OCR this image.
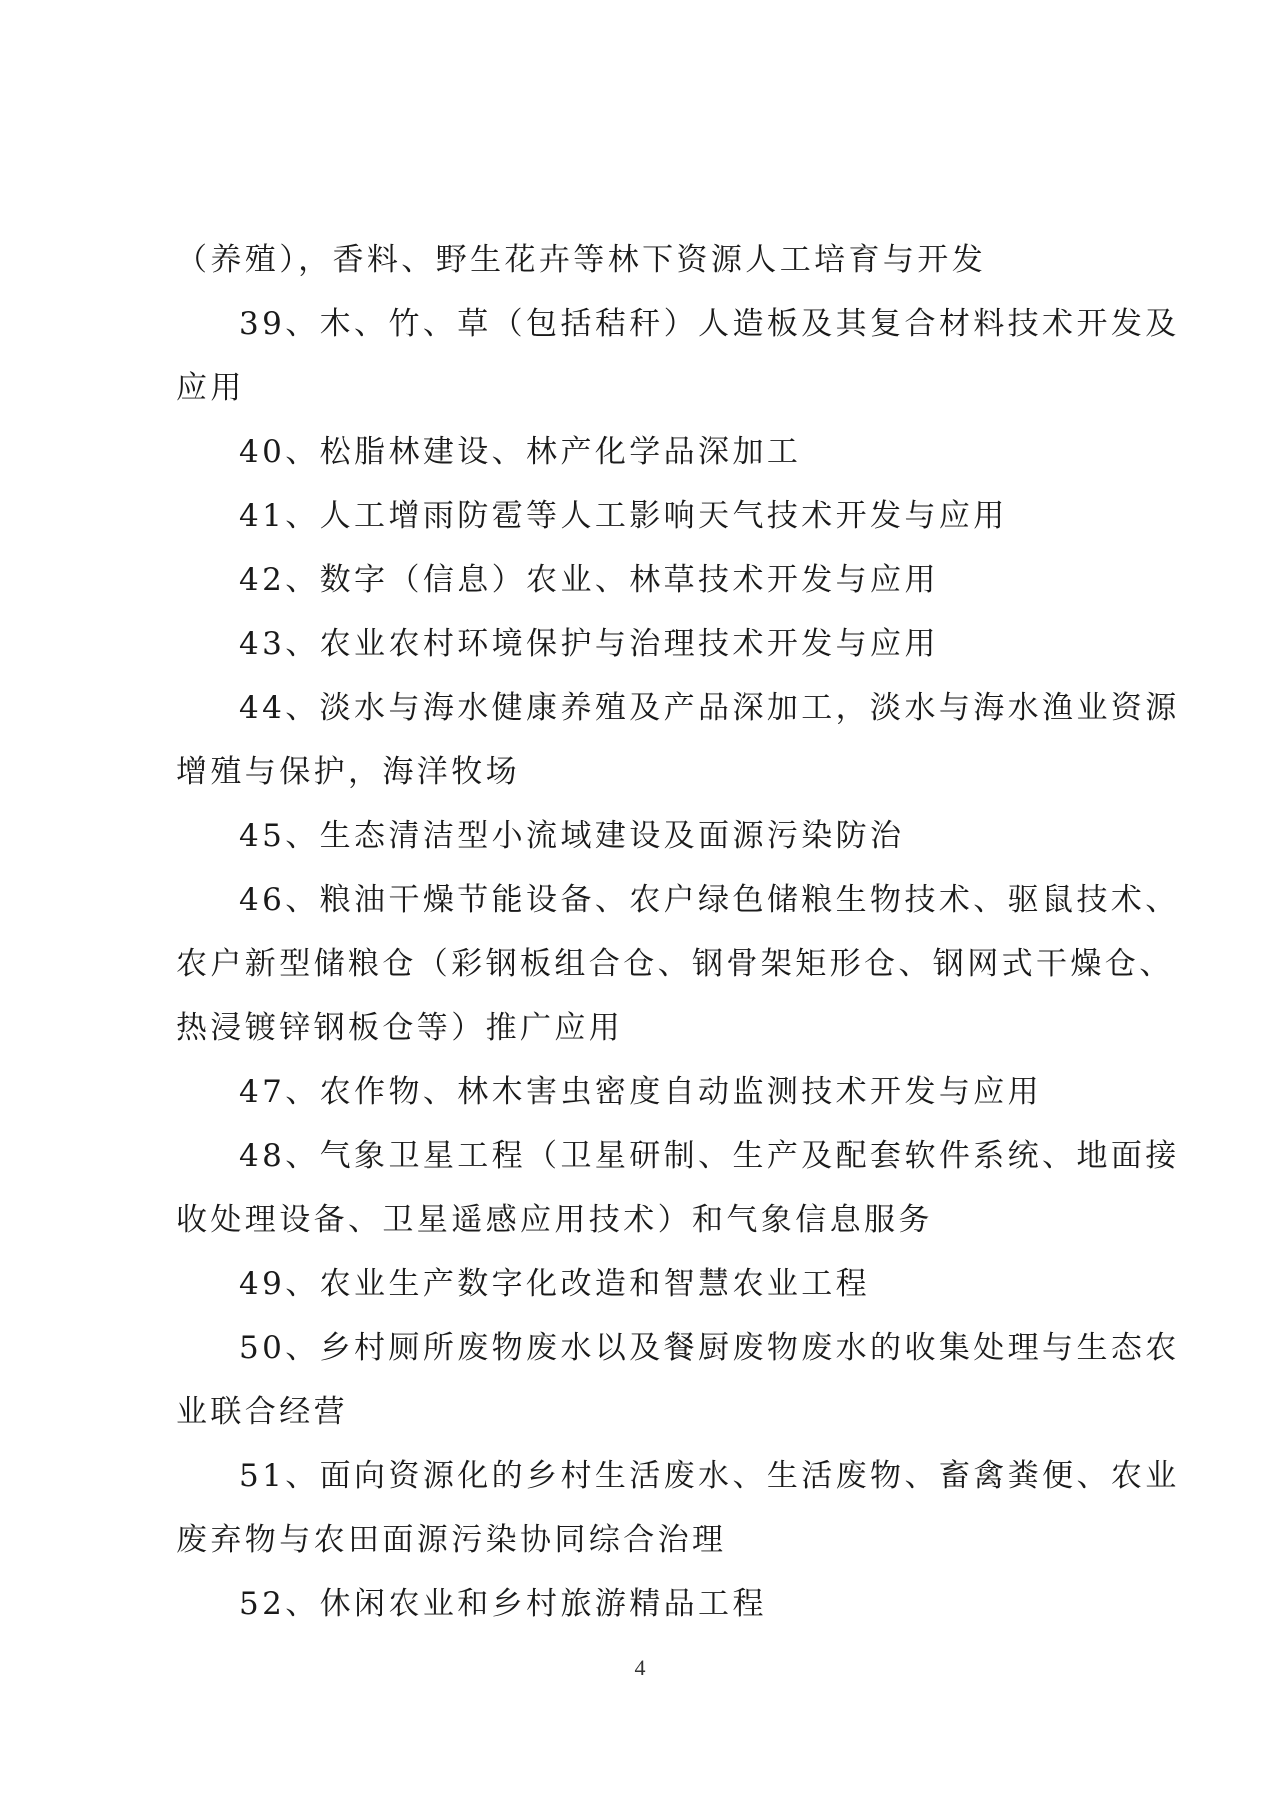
（养殖），香料、野生花卉等林下资源人工培育与开发
39、木、竹、草（包括秸秆）人造板及其复合材料技术开发及
应用
40、松脂林建设、林产化学品深加工
41、人工增雨防雹等人工影响天气技术开发与应用
42、数字（信息）农业、林草技术开发与应用
43、农业农村环境保护与治理技术开发与应用
44、淡水与海水健康养殖及产品深加工，淡水与海水渔业资源
增殖与保护，海洋牧场
45、生态清洁型小流域建设及面源污染防治
46、粮油干燥节能设备、农户绿色储粮生物技术、驱鼠技术、
农户新型储粮仓（彩钢板组合仓、钢骨架矩形仓、钢网式干燥仓、
热浸镀锌钢板仓等）推广应用
47、农作物、林木害虫密度自动监测技术开发与应用
48、气象卫星工程（卫星研制、生产及配套软件系统、地面接
收处理设备、卫星遥感应用技术）和气象信息服务
49、农业生产数字化改造和智慧农业工程
50、乡村厕所废物废水以及餐厨废物废水的收集处理与生态农
业联合经营
51、面向资源化的乡村生活废水、生活废物、畜禽粪便、农业
废弃物与农田面源污染协同综合治理
52、休闲农业和乡村旅游精品工程
4
